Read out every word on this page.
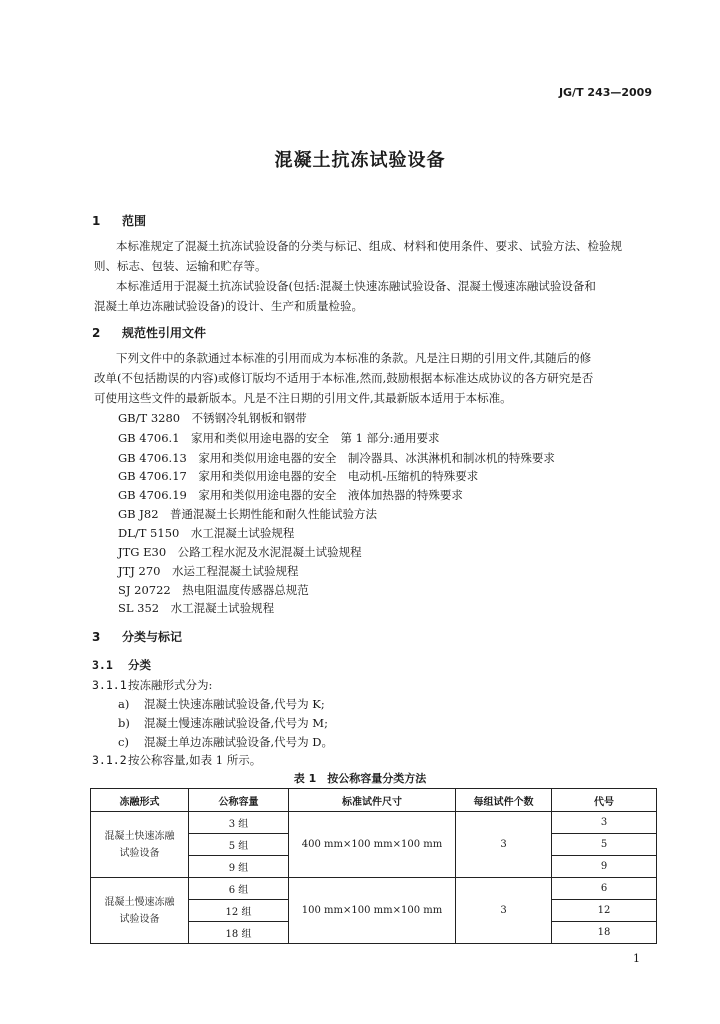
JG/T 243—2009
混凝土抗冻试验设备
1 范围
本标准规定了混凝土抗冻试验设备的分类与标记、组成、材料和使用条件、要求、试验方法、检验规
则、标志、包装、运输和贮存等。
本标准适用于混凝土抗冻试验设备(包括:混凝土快速冻融试验设备、混凝土慢速冻融试验设备和
混凝土单边冻融试验设备)的设计、生产和质量检验。
2 规范性引用文件
下列文件中的条款通过本标准的引用而成为本标准的条款。凡是注日期的引用文件,其随后的修
改单(不包括勘误的内容)或修订版均不适用于本标准,然而,鼓励根据本标准达成协议的各方研究是否
可使用这些文件的最新版本。凡是不注日期的引用文件,其最新版本适用于本标准。
GB/T 3280　不锈钢冷轧钢板和钢带
GB 4706.1　家用和类似用途电器的安全　第 1 部分:通用要求
GB 4706.13　家用和类似用途电器的安全　制冷器具、冰淇淋机和制冰机的特殊要求
GB 4706.17　家用和类似用途电器的安全　电动机-压缩机的特殊要求
GB 4706.19　家用和类似用途电器的安全　液体加热器的特殊要求
GB J82　普通混凝土长期性能和耐久性能试验方法
DL/T 5150　水工混凝土试验规程
JTG E30　公路工程水泥及水泥混凝土试验规程
JTJ 270　水运工程混凝土试验规程
SJ 20722　热电阻温度传感器总规范
SL 352　水工混凝土试验规程
3 分类与标记
3.1 分类
3.1.1按冻融形式分为:
a) 混凝土快速冻融试验设备,代号为 K;
b) 混凝土慢速冻融试验设备,代号为 M;
c) 混凝土单边冻融试验设备,代号为 D。
3.1.2按公称容量,如表 1 所示。
表 1　按公称容量分类方法
冻融形式	公称容量	标准试件尺寸	每组试件个数	代号
混凝土快速冻融试验设备	3 组	400 mm×100 mm×100 mm	3	3
	5 组			5
	9 组			9
混凝土慢速冻融试验设备	6 组	100 mm×100 mm×100 mm	3	6
	12 组			12
	18 组			18
1
